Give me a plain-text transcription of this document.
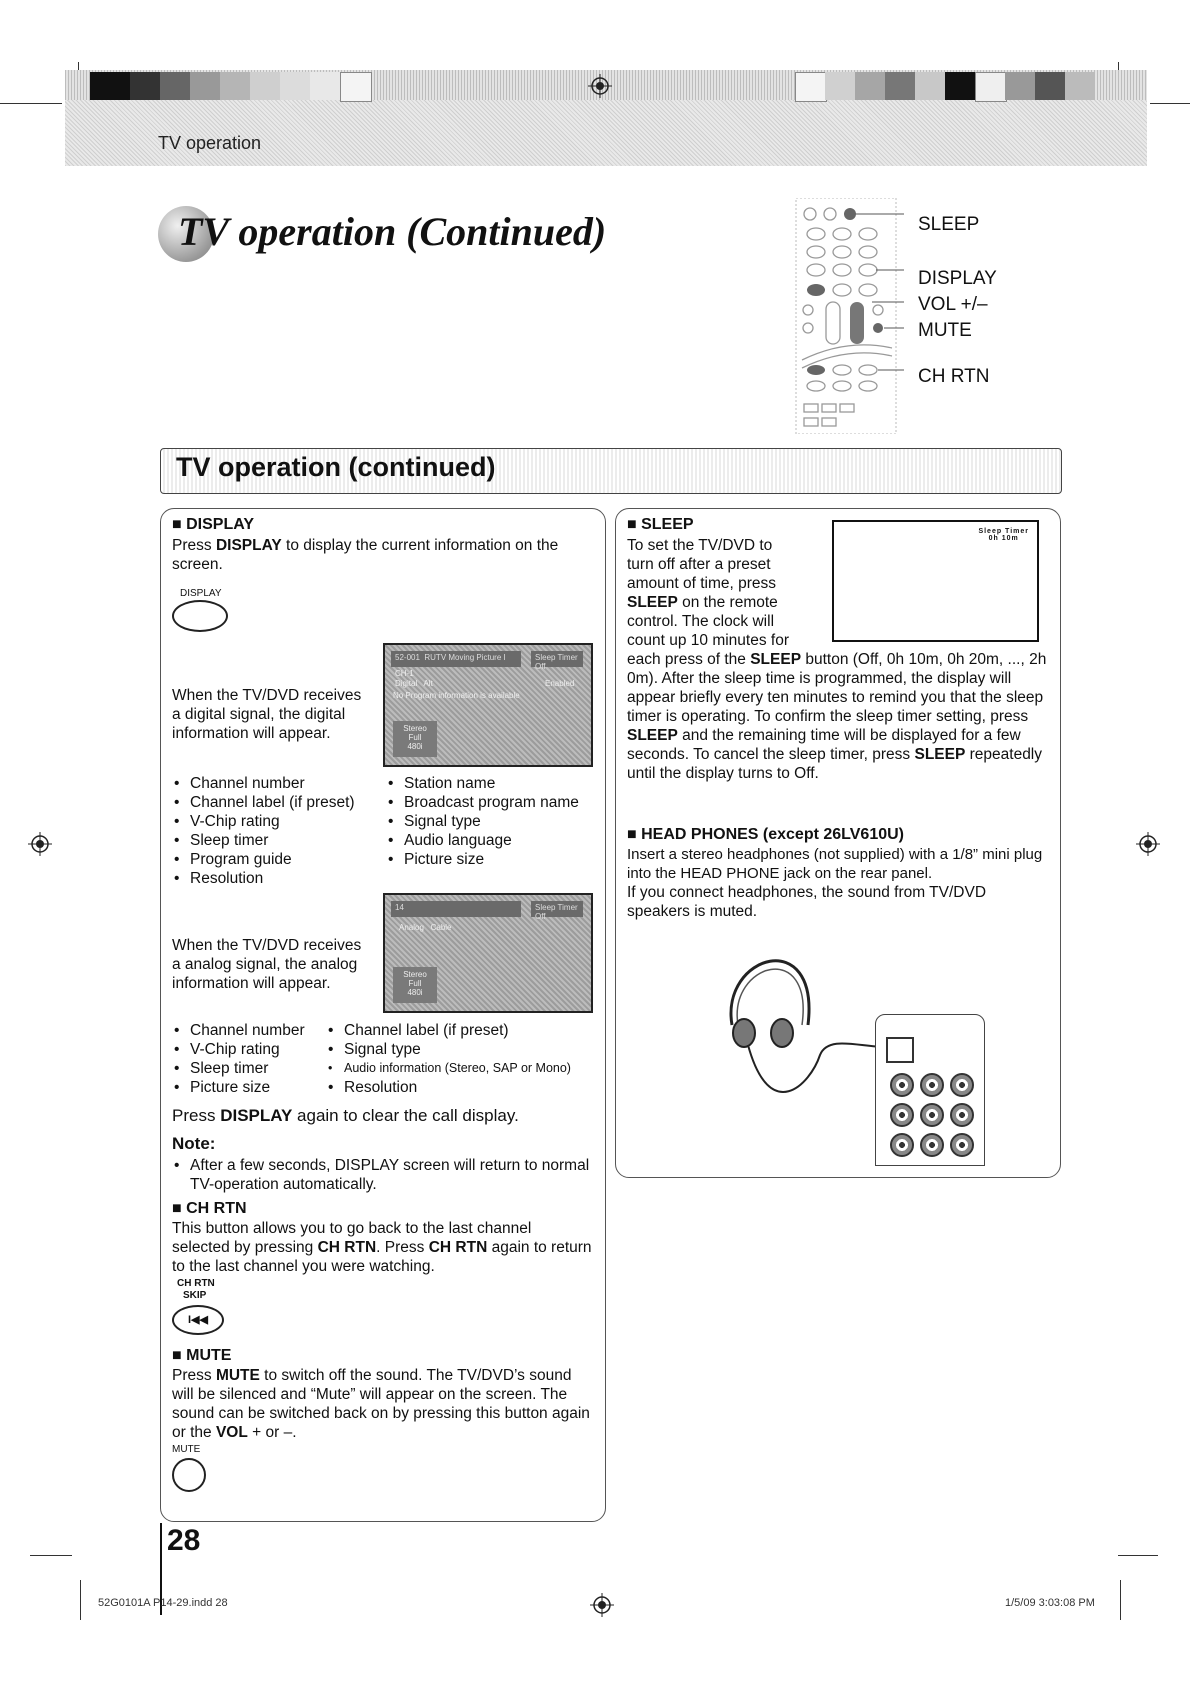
TV operation
TV operation (Continued)	SLEEP
DISPLAY
VOL +/–
MUTE
CH RTN
TV operation (continued)
■ DISPLAY
Press DISPLAY to display the current information on the screen.
DISPLAY
52-001 RUTV Moving Picture I	Sleep Timer Off
CH-1
Digital Alt	Enabled
No Program information is available
Stereo
Full
480i
When the TV/DVD receives a digital signal, the digital information will appear.
• Channel number
• Channel label (if preset)
• V-Chip rating
• Sleep timer
• Program guide
• Resolution
• Station name
• Broadcast program name
• Signal type
• Audio language
• Picture size
14	Sleep Timer Off
Analog Cable
Stereo
Full
480i
When the TV/DVD receives a analog signal, the analog information will appear.
• Channel number
• V-Chip rating
• Sleep timer
• Picture size
• Channel label (if preset)
• Signal type
• Audio information (Stereo, SAP or Mono)
• Resolution
Press DISPLAY again to clear the call display.
Note:
• After a few seconds, DISPLAY screen will return to normal TV-operation automatically.
■ CH RTN
This button allows you to go back to the last channel selected by pressing CH RTN. Press CH RTN again to return to the last channel you were watching.
CH RTN
SKIP
I◀◀
■ MUTE
Press MUTE to switch off the sound. The TV/DVD’s sound will be silenced and “Mute” will appear on the screen. The sound can be switched back on by pressing this button again or the VOL + or –.
MUTE
■ SLEEP
To set the TV/DVD to
turn off after a preset
amount of time, press
SLEEP on the remote
control. The clock will
count up 10 minutes for
Sleep Timer
0h 10m
each press of the SLEEP button (Off, 0h 10m, 0h 20m, ..., 2h 0m). After the sleep time is programmed, the display will appear briefly every ten minutes to remind you that the sleep timer is operating. To confirm the sleep timer setting, press SLEEP and the remaining time will be displayed for a few seconds. To cancel the sleep timer, press SLEEP repeatedly until the display turns to Off.
■ HEAD PHONES (except 26LV610U)
Insert a stereo headphones (not supplied) with a 1/8” mini plug into the HEAD PHONE jack on the rear panel.
If you connect headphones, the sound from TV/DVD speakers is muted.
28
52G0101A P14-29.indd 28	1/5/09 3:03:08 PM
